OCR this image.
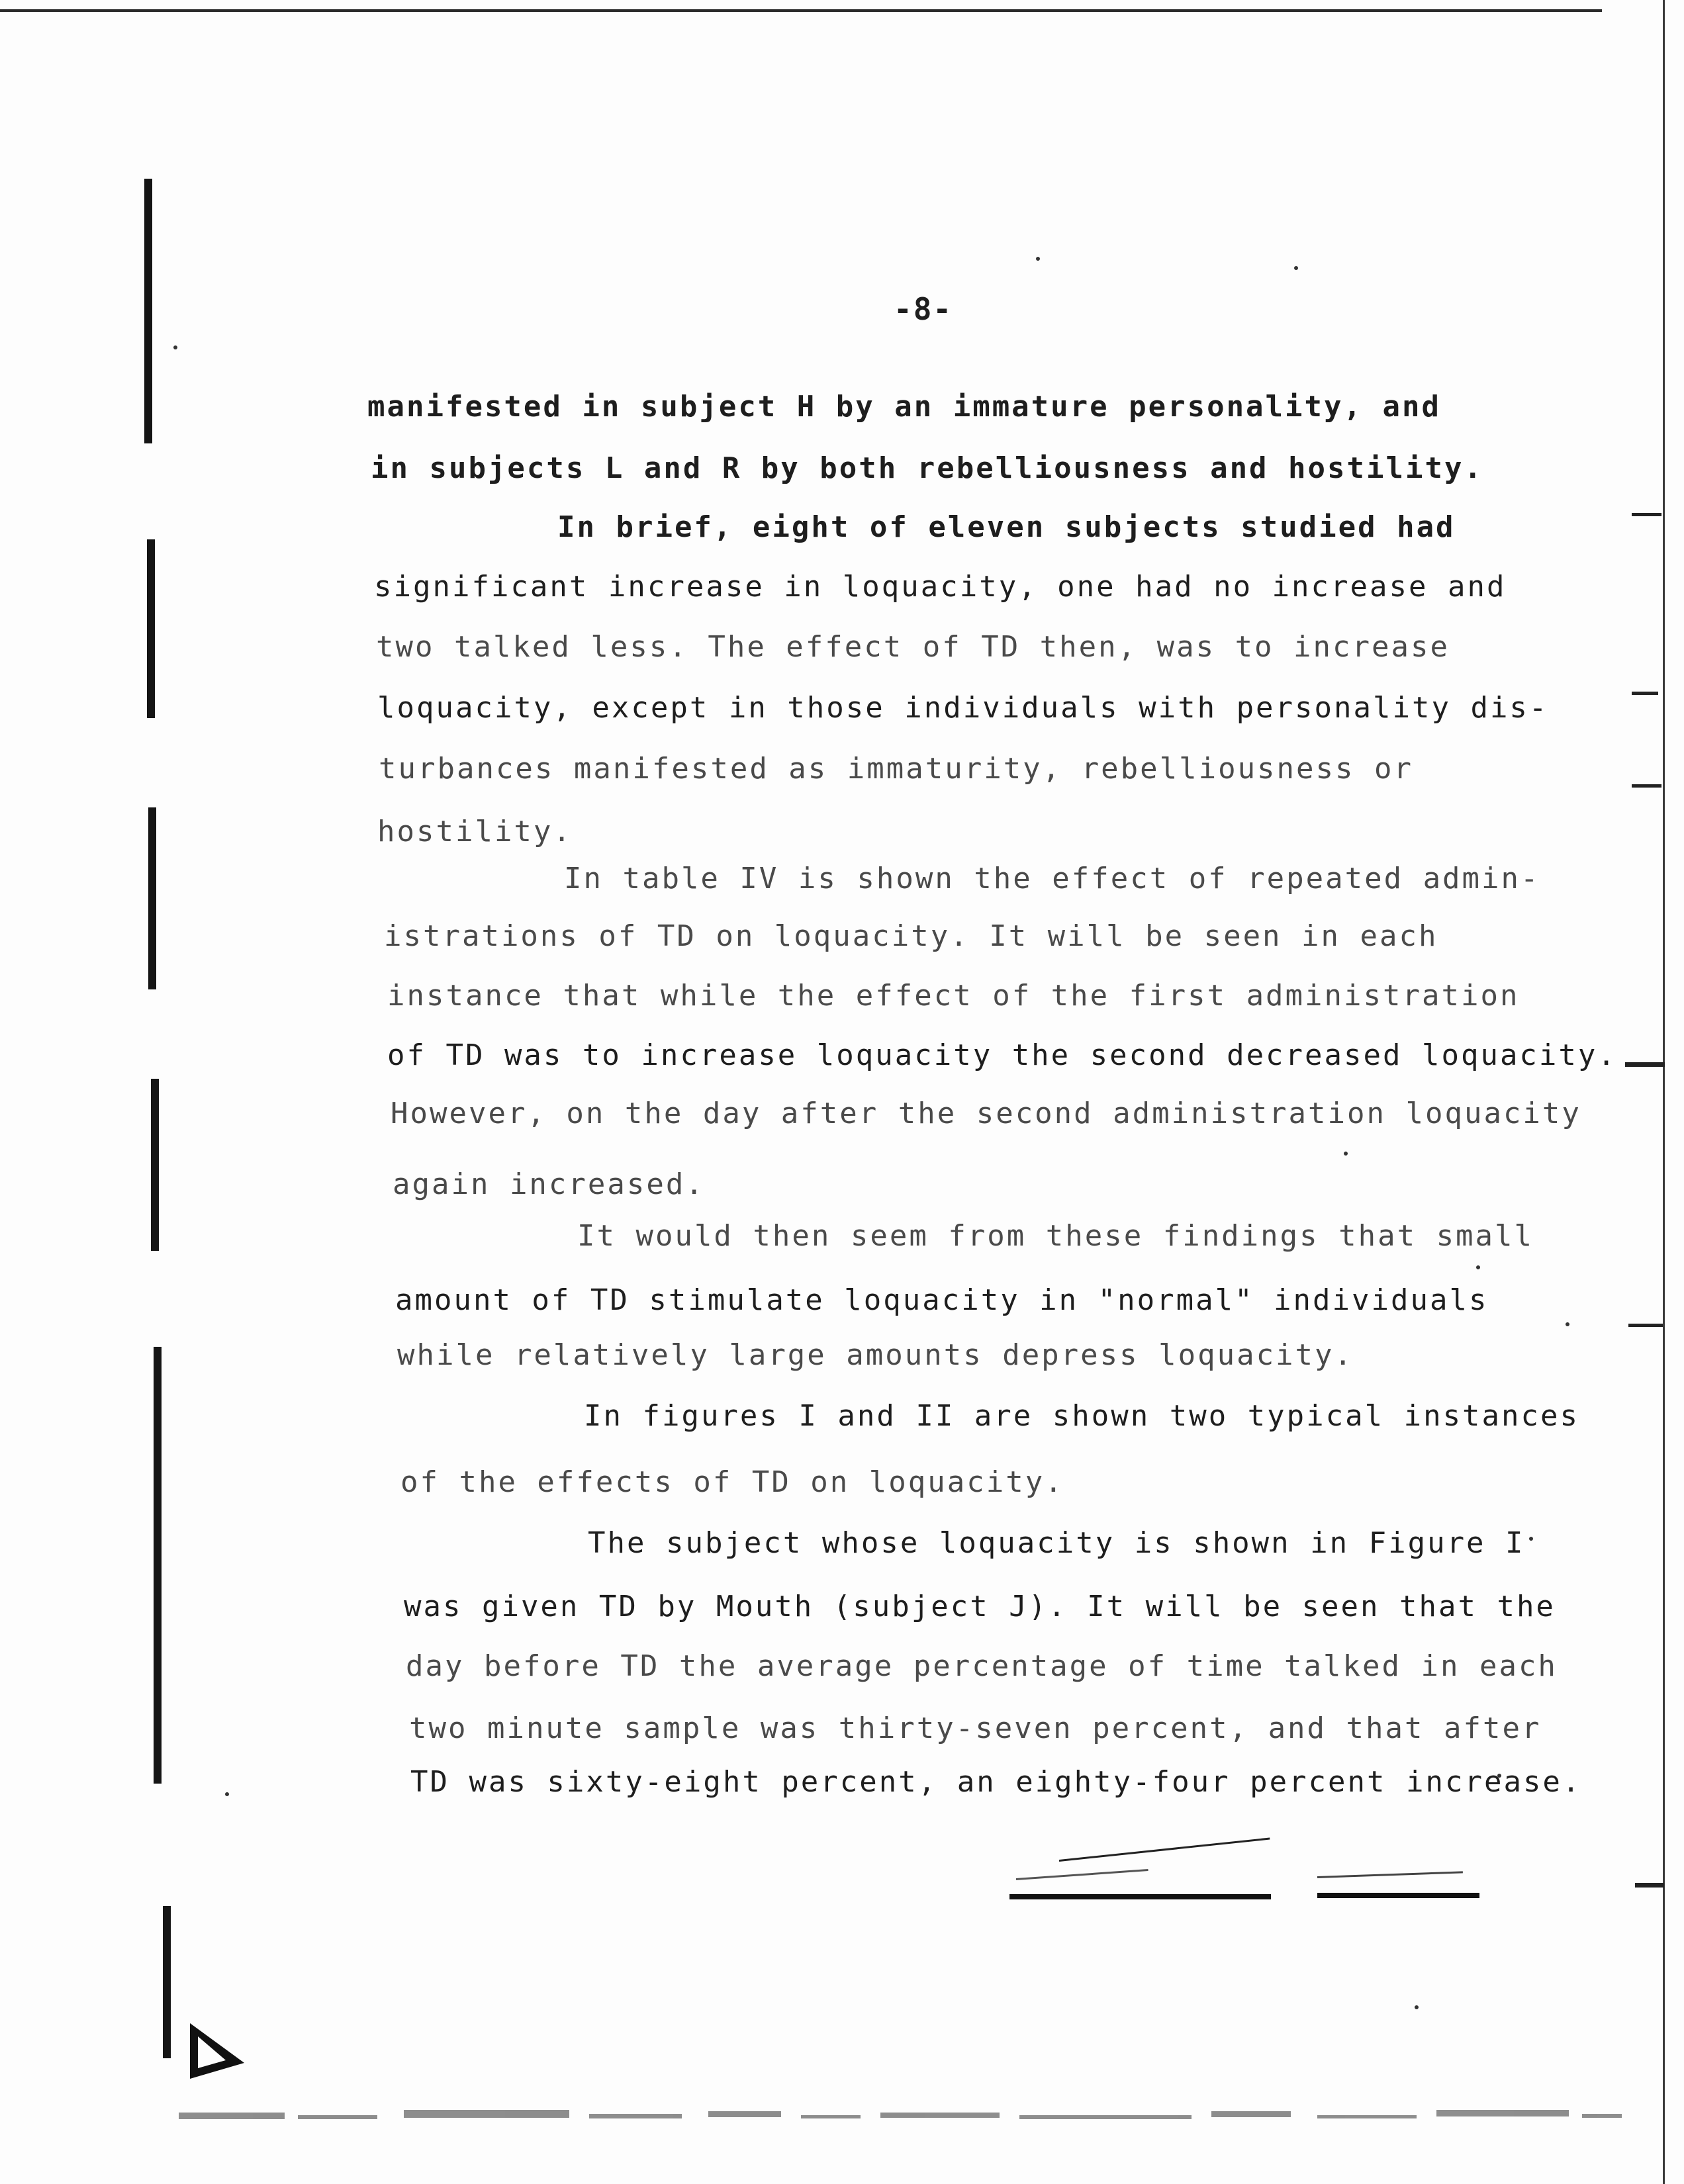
-8-
manifested in subject H by an immature personality, and
in subjects L and R by both rebelliousness and hostility.
In brief, eight of eleven subjects studied had
significant increase in loquacity, one had no increase and
two talked less. The effect of TD then, was to increase
loquacity, except in those individuals with personality dis-
turbances manifested as immaturity, rebelliousness or
hostility.
In table IV is shown the effect of repeated admin-
istrations of TD on loquacity. It will be seen in each
instance that while the effect of the first administration
of TD was to increase loquacity the second decreased loquacity.
However, on the day after the second administration loquacity
again increased.
It would then seem from these findings that small
amount of TD stimulate loquacity in "normal" individuals
while relatively large amounts depress loquacity.
In figures I and II are shown two typical instances
of the effects of TD on loquacity.
The subject whose loquacity is shown in Figure I
was given TD by Mouth (subject J). It will be seen that the
day before TD the average percentage of time talked in each
two minute sample was thirty-seven percent, and that after
TD was sixty-eight percent, an eighty-four percent increase.
